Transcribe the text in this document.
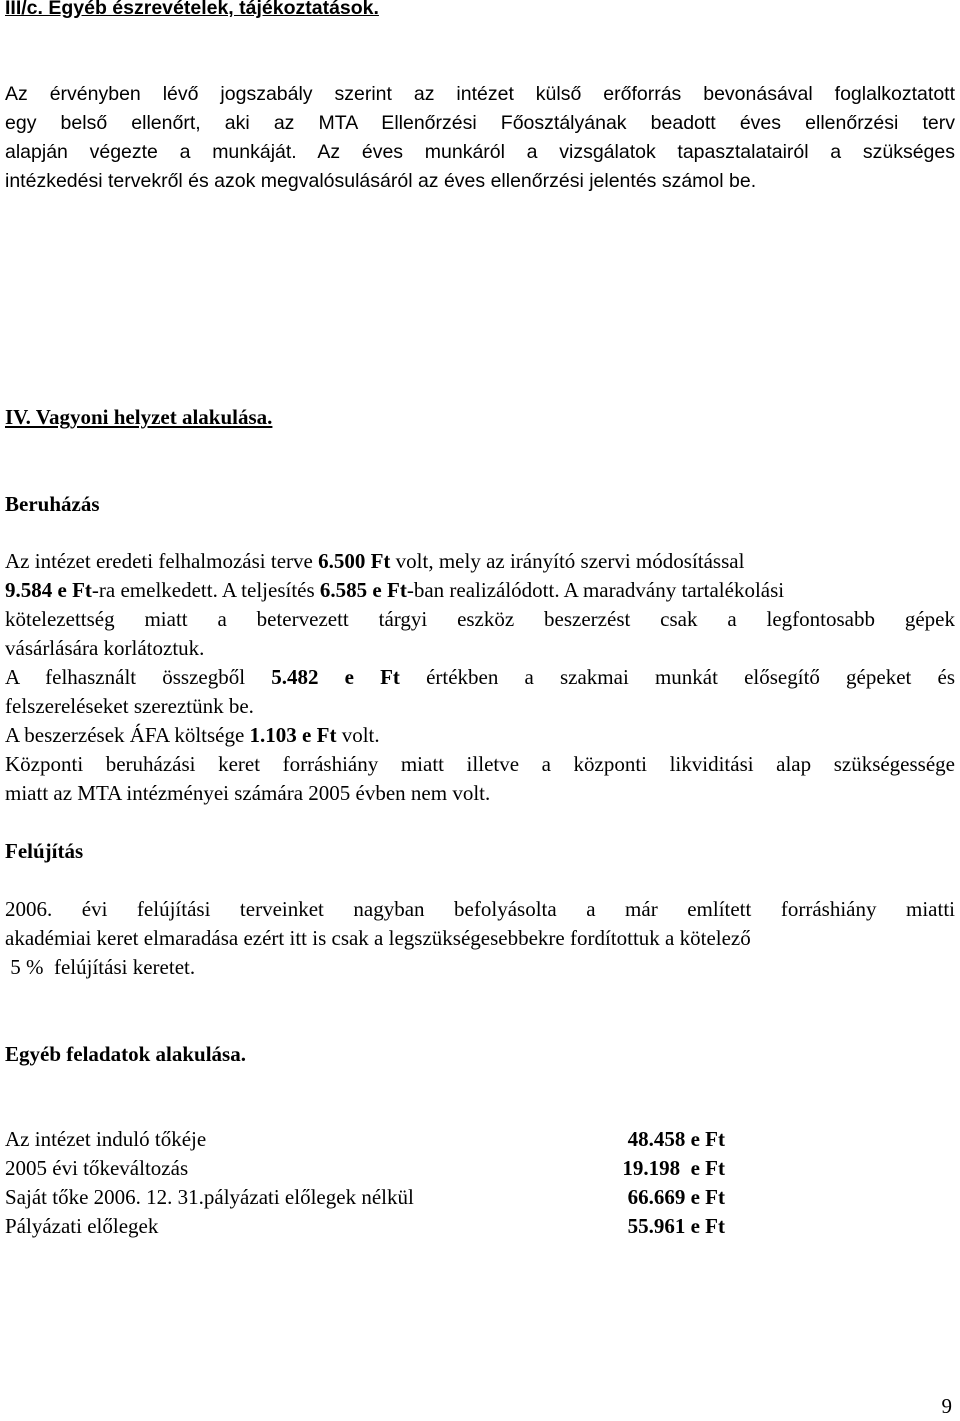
III/c. Egyéb észrevételek, tájékoztatások.
Az érvényben lévő jogszabály szerint az intézet külső erőforrás bevonásával foglalkoztatott
egy belső ellenőrt, aki az MTA Ellenőrzési Főosztályának beadott éves ellenőrzési terv
alapján végezte a munkáját. Az éves munkáról a vizsgálatok tapasztalatairól a szükséges
intézkedési tervekről és azok megvalósulásáról az éves ellenőrzési jelentés számol be.
IV. Vagyoni helyzet alakulása.
Beruházás
Az intézet eredeti felhalmozási terve 6.500 Ft volt, mely az irányító szervi módosítással
9.584 e Ft-ra emelkedett. A teljesítés 6.585 e Ft-ban realizálódott. A maradvány tartalékolási
kötelezettség miatt a betervezett tárgyi eszköz beszerzést csak a legfontosabb gépek
vásárlására korlátoztuk.
A felhasznált összegből 5.482 e Ft értékben a szakmai munkát elősegítő gépeket és
felszereléseket szereztünk be.
A beszerzések ÁFA költsége 1.103 e Ft volt.
Központi beruházási keret forráshiány miatt illetve a központi likviditási alap szükségessége
miatt az MTA intézményei számára 2005 évben nem volt.
Felújítás
2006. évi felújítási terveinket nagyban befolyásolta a már említett forráshiány miatti
akadémiai keret elmaradása ezért itt is csak a legszükségesebbekre fordítottuk a kötelező
5 %  felújítási keretet.
Egyéb feladatok alakulása.
Az intézet induló tőkéje	48.458 e Ft
2005 évi tőkeváltozás	19.198  e Ft
Saját tőke 2006. 12. 31.pályázati előlegek nélkül	66.669 e Ft
Pályázati előlegek	55.961 e Ft
9
